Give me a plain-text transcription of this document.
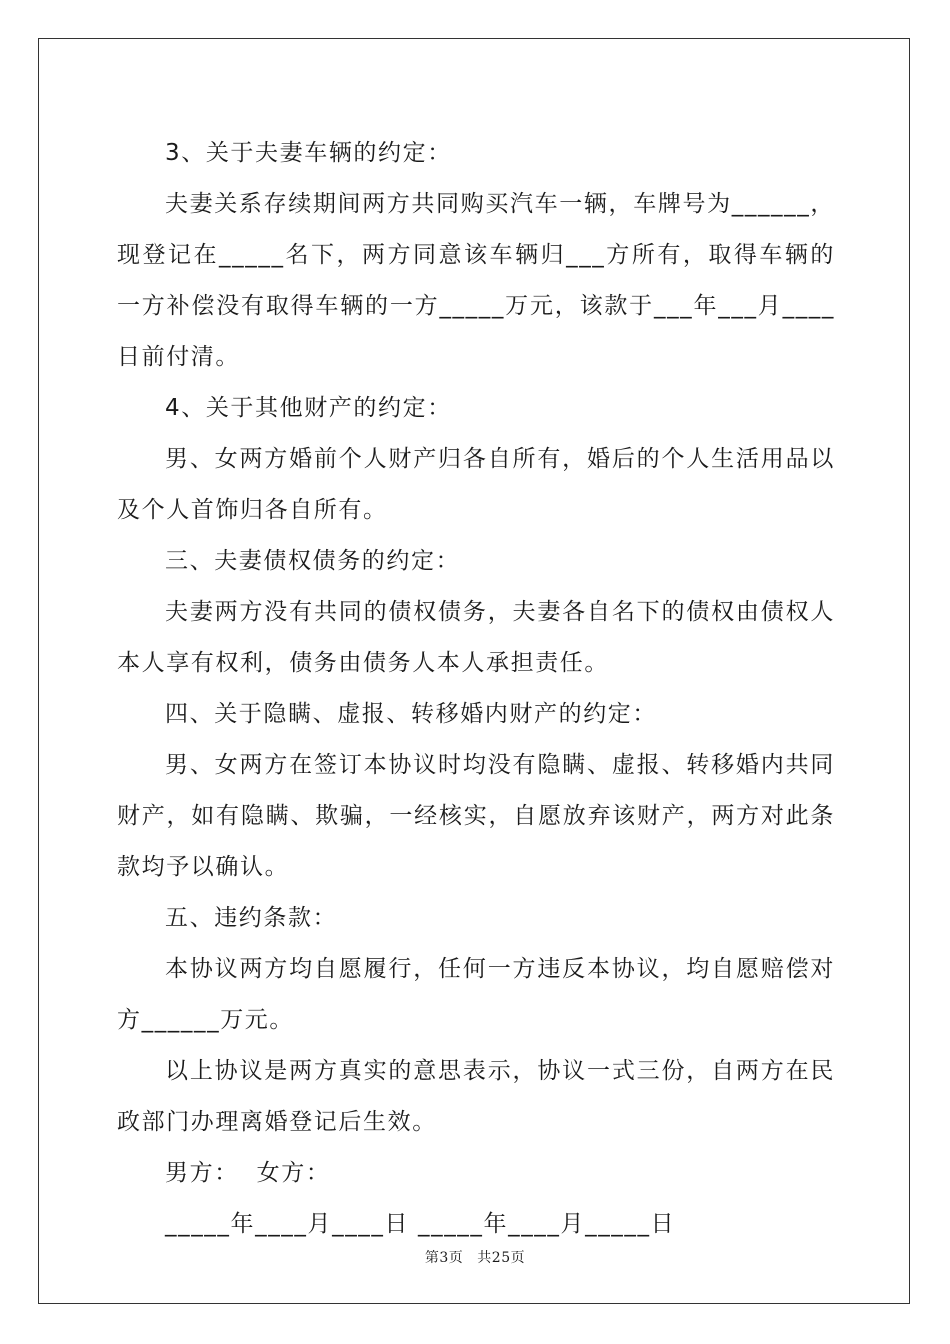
3、关于夫妻车辆的约定：

夫妻关系存续期间两方共同购买汽车一辆，车牌号为______，现登记在_____名下，两方同意该车辆归___方所有，取得车辆的一方补偿没有取得车辆的一方_____万元，该款于___年___月____日前付清。

4、关于其他财产的约定：

男、女两方婚前个人财产归各自所有，婚后的个人生活用品以及个人首饰归各自所有。

三、夫妻债权债务的约定：

夫妻两方没有共同的债权债务，夫妻各自名下的债权由债权人本人享有权利，债务由债务人本人承担责任。

四、关于隐瞒、虚报、转移婚内财产的约定：

男、女两方在签订本协议时均没有隐瞒、虚报、转移婚内共同财产，如有隐瞒、欺骗，一经核实，自愿放弃该财产，两方对此条款均予以确认。

五、违约条款：

本协议两方均自愿履行，任何一方违反本协议，均自愿赔偿对方______万元。

以上协议是两方真实的意思表示，协议一式三份，自两方在民政部门办理离婚登记后生效。

男方：  女方：

_____年____月____日 _____年____月_____日

第3页 共25页
